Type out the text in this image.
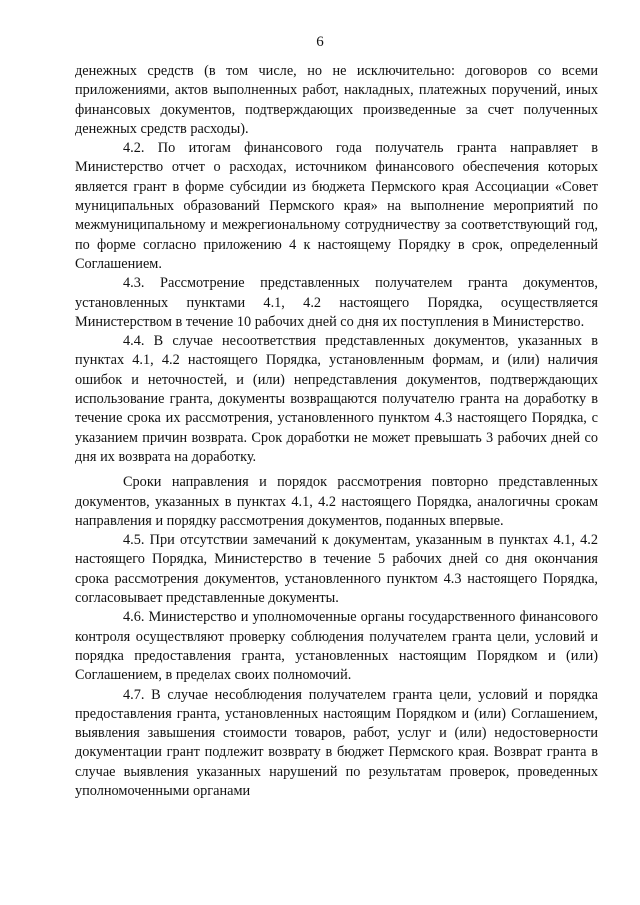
6

денежных средств (в том числе, но не исключительно: договоров со всеми приложениями, актов выполненных работ, накладных, платежных поручений, иных финансовых документов, подтверждающих произведенные за счет полученных денежных средств расходы).

4.2. По итогам финансового года получатель гранта направляет в Министерство отчет о расходах, источником финансового обеспечения которых является грант в форме субсидии из бюджета Пермского края Ассоциации «Совет муниципальных образований Пермского края» на выполнение мероприятий по межмуниципальному и межрегиональному сотрудничеству за соответствующий год, по форме согласно приложению 4 к настоящему Порядку в срок, определенный Соглашением.

4.3. Рассмотрение представленных получателем гранта документов, установленных пунктами 4.1, 4.2 настоящего Порядка, осуществляется Министерством в течение 10 рабочих дней со дня их поступления в Министерство.

4.4. В случае несоответствия представленных документов, указанных в пунктах 4.1, 4.2 настоящего Порядка, установленным формам, и (или) наличия ошибок и неточностей, и (или) непредставления документов, подтверждающих использование гранта, документы возвращаются получателю гранта на доработку в течение срока их рассмотрения, установленного пунктом 4.3 настоящего Порядка, с указанием причин возврата. Срок доработки не может превышать 3 рабочих дней со дня их возврата на доработку.

Сроки направления и порядок рассмотрения повторно представленных документов, указанных в пунктах 4.1, 4.2 настоящего Порядка, аналогичны срокам направления и порядку рассмотрения документов, поданных впервые.

4.5. При отсутствии замечаний к документам, указанным в пунктах 4.1, 4.2 настоящего Порядка, Министерство в течение 5 рабочих дней со дня окончания срока рассмотрения документов, установленного пунктом 4.3 настоящего Порядка, согласовывает представленные документы.

4.6. Министерство и уполномоченные органы государственного финансового контроля осуществляют проверку соблюдения получателем гранта цели, условий и порядка предоставления гранта, установленных настоящим Порядком и (или) Соглашением, в пределах своих полномочий.

4.7. В случае несоблюдения получателем гранта цели, условий и порядка предоставления гранта, установленных настоящим Порядком и (или) Соглашением, выявления завышения стоимости товаров, работ, услуг и (или) недостоверности документации грант подлежит возврату в бюджет Пермского края. Возврат гранта в случае выявления указанных нарушений по результатам проверок, проведенных уполномоченными органами
